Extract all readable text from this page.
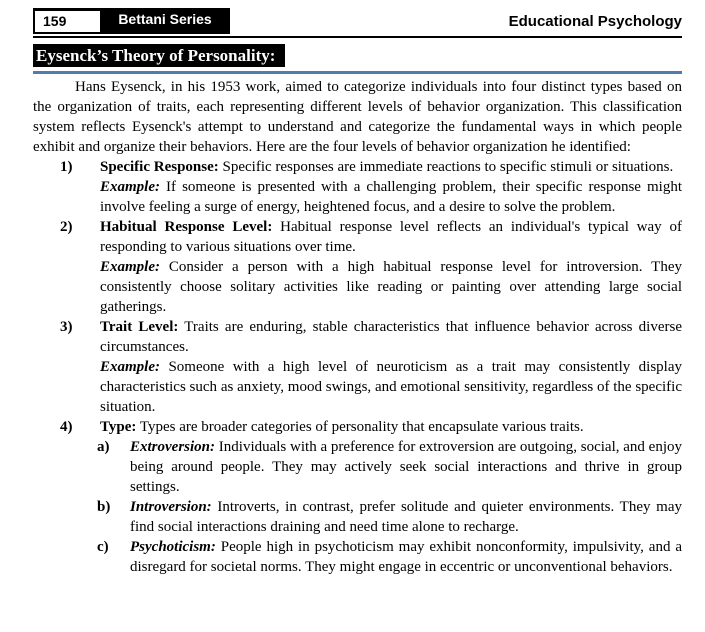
159	Bettani Series	Educational Psychology
Eysenck’s Theory of Personality:

Hans Eysenck, in his 1953 work, aimed to categorize individuals into four distinct types based on the organization of traits, each representing different levels of behavior organization. This classification system reflects Eysenck's attempt to understand and categorize the fundamental ways in which people exhibit and organize their behaviors. Here are the four levels of behavior organization he identified:

1) Specific Response: Specific responses are immediate reactions to specific stimuli or situations.

Example: If someone is presented with a challenging problem, their specific response might involve feeling a surge of energy, heightened focus, and a desire to solve the problem.

2) Habitual Response Level: Habitual response level reflects an individual's typical way of responding to various situations over time.

Example: Consider a person with a high habitual response level for introversion. They consistently choose solitary activities like reading or painting over attending large social gatherings.

3) Trait Level: Traits are enduring, stable characteristics that influence behavior across diverse circumstances.

Example: Someone with a high level of neuroticism as a trait may consistently display characteristics such as anxiety, mood swings, and emotional sensitivity, regardless of the specific situation.

4) Type: Types are broader categories of personality that encapsulate various traits.

a) Extroversion: Individuals with a preference for extroversion are outgoing, social, and enjoy being around people. They may actively seek social interactions and thrive in group settings.

b) Introversion: Introverts, in contrast, prefer solitude and quieter environments. They may find social interactions draining and need time alone to recharge.

c) Psychoticism: People high in psychoticism may exhibit nonconformity, impulsivity, and a disregard for societal norms. They might engage in eccentric or unconventional behaviors.
